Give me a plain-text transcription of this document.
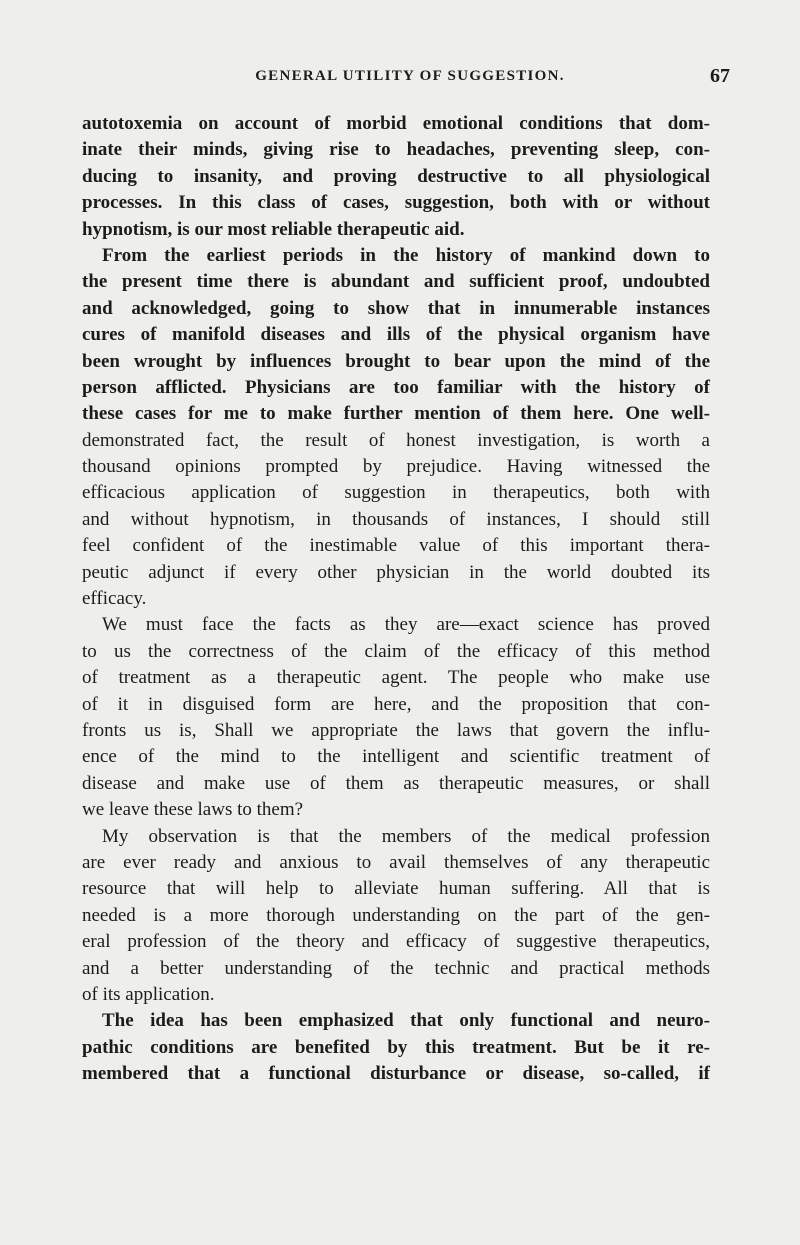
GENERAL UTILITY OF SUGGESTION.	67
autotoxemia on account of morbid emotional conditions that dom-
inate their minds, giving rise to headaches, preventing sleep, con-
ducing to insanity, and proving destructive to all physiological
processes. In this class of cases, suggestion, both with or without
hypnotism, is our most reliable therapeutic aid.
From the earliest periods in the history of mankind down to
the present time there is abundant and sufficient proof, undoubted
and acknowledged, going to show that in innumerable instances
cures of manifold diseases and ills of the physical organism have
been wrought by influences brought to bear upon the mind of the
person afflicted. Physicians are too familiar with the history of
these cases for me to make further mention of them here. One well-
demonstrated fact, the result of honest investigation, is worth a
thousand opinions prompted by prejudice. Having witnessed the
efficacious application of suggestion in therapeutics, both with
and without hypnotism, in thousands of instances, I should still
feel confident of the inestimable value of this important thera-
peutic adjunct if every other physician in the world doubted its
efficacy.
We must face the facts as they are—exact science has proved
to us the correctness of the claim of the efficacy of this method
of treatment as a therapeutic agent. The people who make use
of it in disguised form are here, and the proposition that con-
fronts us is, Shall we appropriate the laws that govern the influ-
ence of the mind to the intelligent and scientific treatment of
disease and make use of them as therapeutic measures, or shall
we leave these laws to them?
My observation is that the members of the medical profession
are ever ready and anxious to avail themselves of any therapeutic
resource that will help to alleviate human suffering. All that is
needed is a more thorough understanding on the part of the gen-
eral profession of the theory and efficacy of suggestive therapeutics,
and a better understanding of the technic and practical methods
of its application.
The idea has been emphasized that only functional and neuro-
pathic conditions are benefited by this treatment. But be it re-
membered that a functional disturbance or disease, so-called, if
